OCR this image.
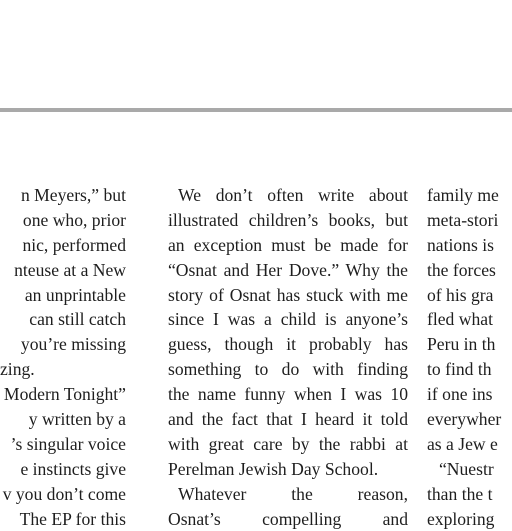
n Meyers,” but
one who, prior
nic, performed
nteuse at a New
an unprintable
can still catch
you’re missing
zing.
Modern Tonight”
y written by a
’s singular voice
e instincts give
v you don’t come
The EP for this
We don’t often write about
illustrated children’s books, but
an exception must be made for
“Osnat and Her Dove.” Why the
story of Osnat has stuck with me
since I was a child is anyone’s
guess, though it probably has
something to do with finding
the name funny when I was 10
and the fact that I heard it told
with great care by the rabbi at
Perelman Jewish Day School.
Whatever the reason,
Osnat’s compelling and
family me
meta-stori
nations is
the forces
of his gra
fled what
Peru in th
to find th
if one ins
everywher
as a Jew e
“Nuestr
than the t
exploring
